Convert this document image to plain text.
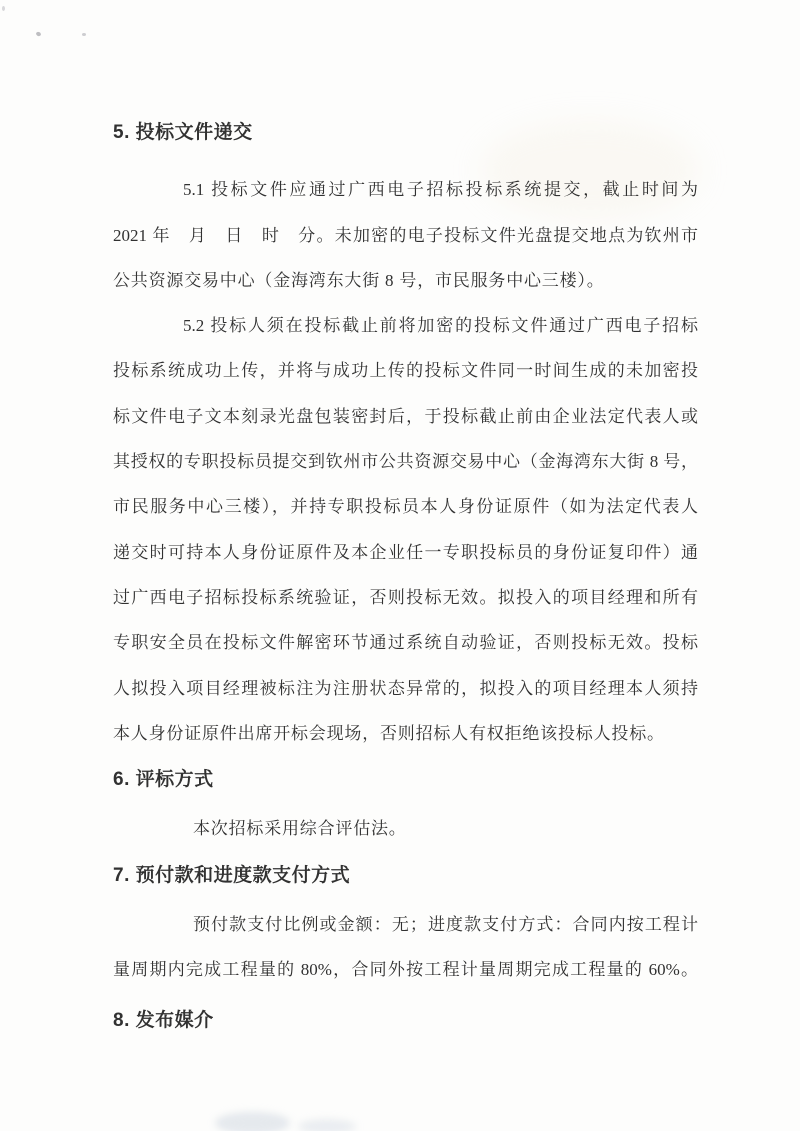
5. 投标文件递交
5.1 投标文件应通过广西电子招标投标系统提交，截止时间为
2021 年　月　日　时　分。未加密的电子投标文件光盘提交地点为钦州市
公共资源交易中心（金海湾东大街 8 号，市民服务中心三楼）。
5.2 投标人须在投标截止前将加密的投标文件通过广西电子招标
投标系统成功上传，并将与成功上传的投标文件同一时间生成的未加密投
标文件电子文本刻录光盘包装密封后，于投标截止前由企业法定代表人或
其授权的专职投标员提交到钦州市公共资源交易中心（金海湾东大街 8 号，
市民服务中心三楼），并持专职投标员本人身份证原件（如为法定代表人
递交时可持本人身份证原件及本企业任一专职投标员的身份证复印件）通
过广西电子招标投标系统验证，否则投标无效。拟投入的项目经理和所有
专职安全员在投标文件解密环节通过系统自动验证，否则投标无效。投标
人拟投入项目经理被标注为注册状态异常的，拟投入的项目经理本人须持
本人身份证原件出席开标会现场，否则招标人有权拒绝该投标人投标。
6. 评标方式
本次招标采用综合评估法。
7. 预付款和进度款支付方式
预付款支付比例或金额：无；进度款支付方式：合同内按工程计
量周期内完成工程量的 80%，合同外按工程计量周期完成工程量的 60%。
8. 发布媒介
